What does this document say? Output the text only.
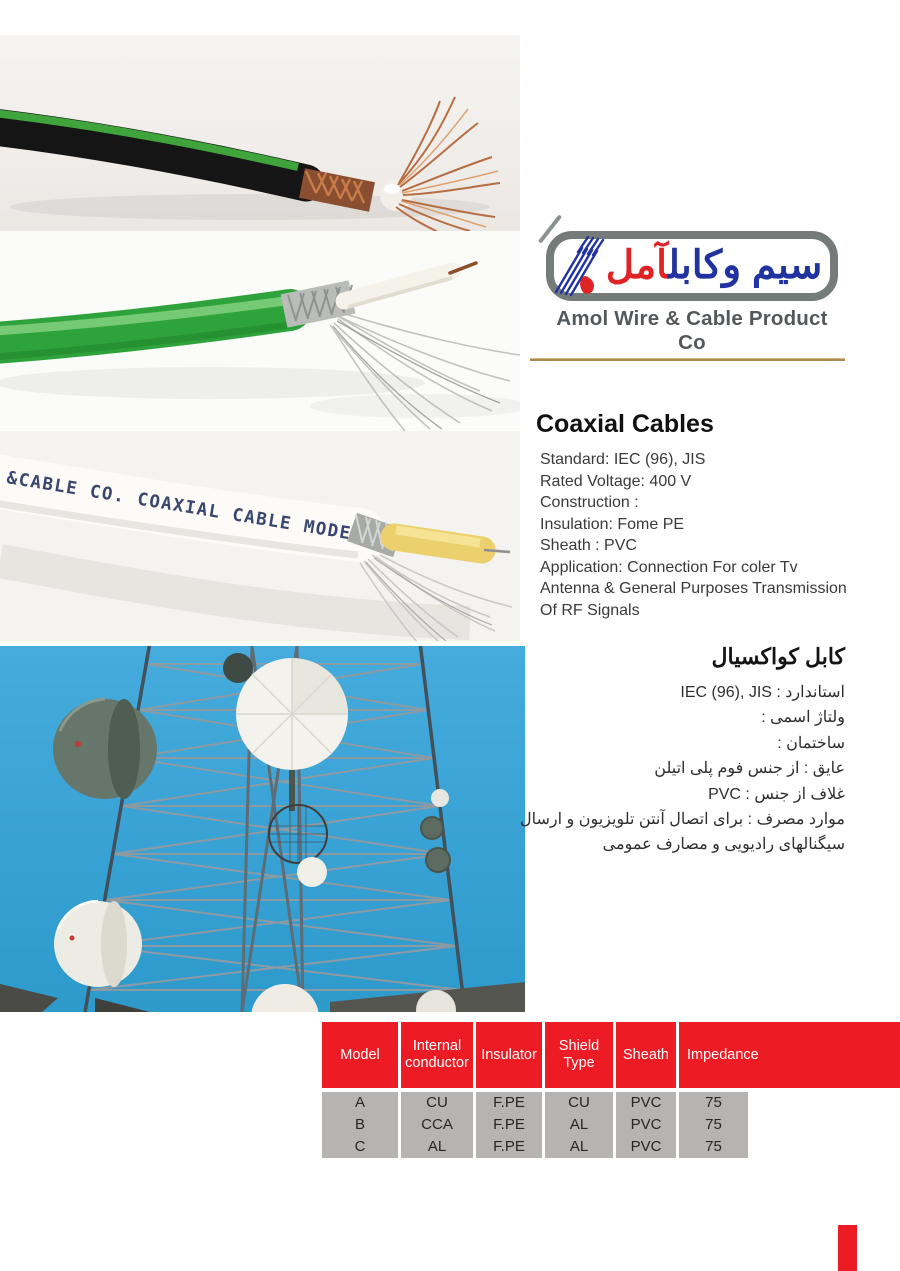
&CABLE CO. COAXIAL CABLE MODE
سیم وکابلآمل
Amol Wire & Cable Product Co
Coaxial Cables
Standard: IEC (96), JIS
Rated Voltage: 400 V
Construction :
Insulation: Fome PE
Sheath : PVC
Application: Connection For coler Tv
Antenna & General Purposes Transmission
Of RF Signals
کابل کواکسیال
استاندارد : IEC (96), JIS
ولتاژ اسمی :
ساختمان :
عایق : از جنس فوم پلی اتیلن
غلاف از جنس : PVC
موارد مصرف : برای اتصال آنتن تلویزیون و ارسال
سیگنالهای رادیویی و مصارف عمومی
Model
Internal conductor
Insulator
Shield Type
Sheath	Impedance
A
B
C
CU
CCA
AL
F.PE
F.PE
F.PE
CU
AL
AL
PVC
PVC
PVC
75
75
75
